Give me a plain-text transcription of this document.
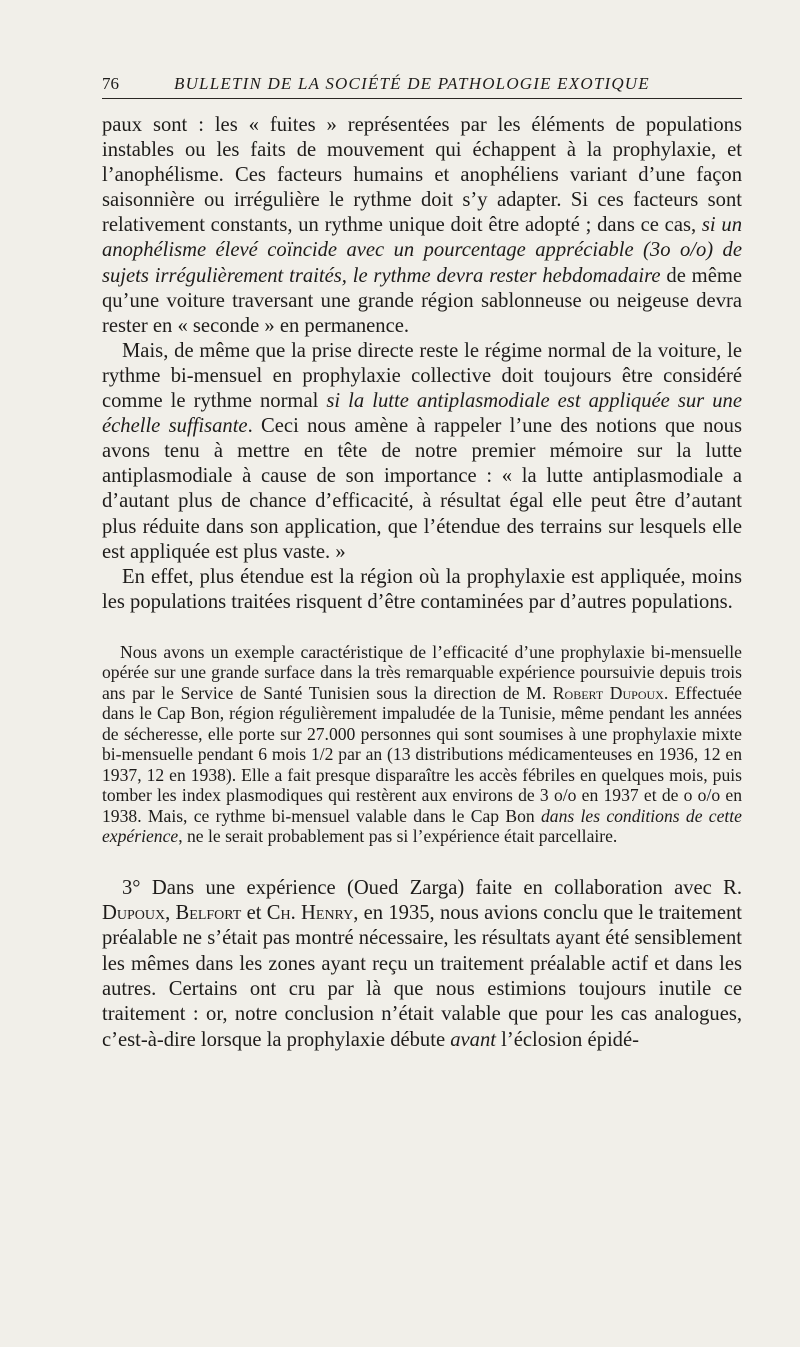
76	BULLETIN DE LA SOCIÉTÉ DE PATHOLOGIE EXOTIQUE

paux sont : les « fuites » représentées par les éléments de populations instables ou les faits de mouvement qui échappent à la prophylaxie, et l’anophélisme. Ces facteurs humains et anophéliens variant d’une façon saisonnière ou irrégulière le rythme doit s’y adapter. Si ces facteurs sont relativement constants, un rythme unique doit être adopté ; dans ce cas, si un anophélisme élevé coïncide avec un pourcentage appréciable (3o o/o) de sujets irrégulièrement traités, le rythme devra rester hebdomadaire de même qu’une voiture traversant une grande région sablonneuse ou neigeuse devra rester en « seconde » en permanence.

Mais, de même que la prise directe reste le régime normal de la voiture, le rythme bi-mensuel en prophylaxie collective doit toujours être considéré comme le rythme normal si la lutte antiplasmodiale est appliquée sur une échelle suffisante. Ceci nous amène à rappeler l’une des notions que nous avons tenu à mettre en tête de notre premier mémoire sur la lutte antiplasmodiale à cause de son importance : « la lutte antiplasmodiale a d’autant plus de chance d’efficacité, à résultat égal elle peut être d’autant plus réduite dans son application, que l’étendue des terrains sur lesquels elle est appliquée est plus vaste. »

En effet, plus étendue est la région où la prophylaxie est appliquée, moins les populations traitées risquent d’être contaminées par d’autres populations.

Nous avons un exemple caractéristique de l’efficacité d’une prophylaxie bi-mensuelle opérée sur une grande surface dans la très remarquable expérience poursuivie depuis trois ans par le Service de Santé Tunisien sous la direction de M. Robert Dupoux. Effectuée dans le Cap Bon, région régulièrement impaludée de la Tunisie, même pendant les années de sécheresse, elle porte sur 27.000 personnes qui sont soumises à une prophylaxie mixte bi-mensuelle pendant 6 mois 1/2 par an (13 distributions médicamenteuses en 1936, 12 en 1937, 12 en 1938). Elle a fait presque disparaître les accès fébriles en quelques mois, puis tomber les index plasmodiques qui restèrent aux environs de 3 o/o en 1937 et de o o/o en 1938. Mais, ce rythme bi-mensuel valable dans le Cap Bon dans les conditions de cette expérience, ne le serait probablement pas si l’expérience était parcellaire.

3° Dans une expérience (Oued Zarga) faite en collaboration avec R. Dupoux, Belfort et Ch. Henry, en 1935, nous avions conclu que le traitement préalable ne s’était pas montré nécessaire, les résultats ayant été sensiblement les mêmes dans les zones ayant reçu un traitement préalable actif et dans les autres. Certains ont cru par là que nous estimions toujours inutile ce traitement : or, notre conclusion n’était valable que pour les cas analogues, c’est-à-dire lorsque la prophylaxie débute avant l’éclosion épidé-
